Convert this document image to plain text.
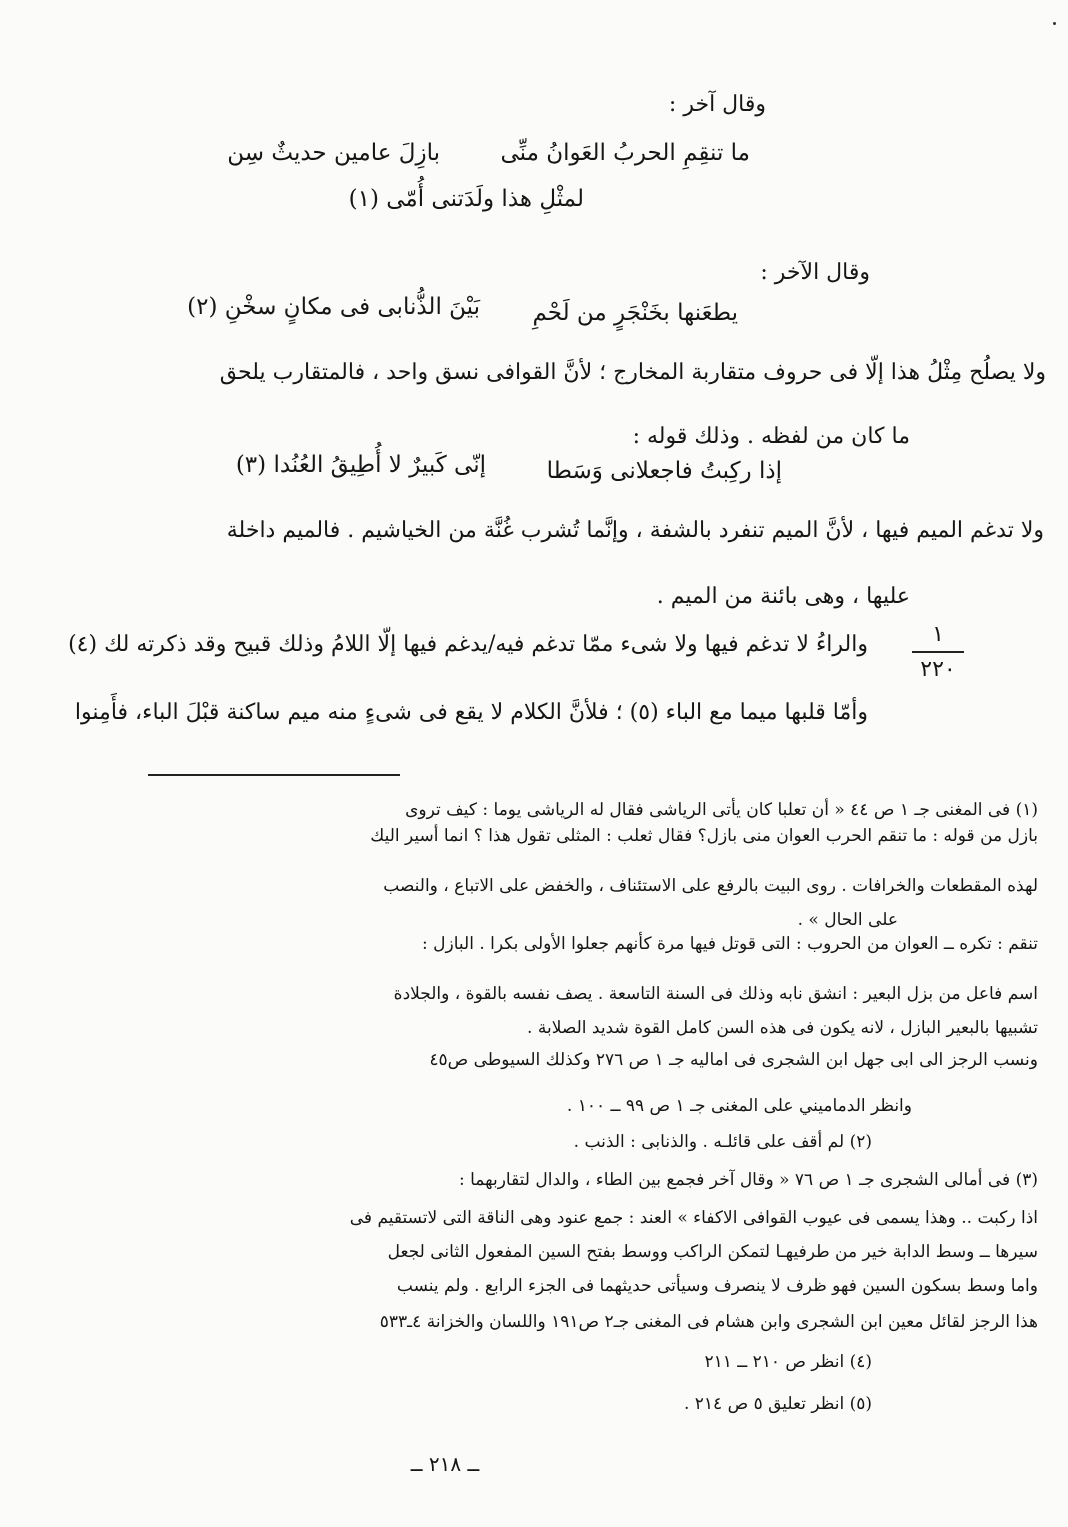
وقال آخر :
ما تنقِمِ الحربُ العَوانُ منِّى
بازِلَ عامين حديثٌ سِن
لمثْلِ هذا ولَدَتنى أُمّى (١)
وقال الآخر :
يطعَنها بخَنْجَرٍ من لَحْمِ
بَيْنَ الذُّنابى فى مكانٍ سخْنِ (٢)
ولا يصلُح مِثْلُ هذا إلّا فى حروف متقاربة المخارج ؛ لأنَّ القوافى نسق واحد ، فالمتقارب يلحق
ما كان من لفظه . وذلك قوله :
إذا ركِبتُ فاجعلانى وَسَطا
إنّى كَبيرٌ لا أُطِيقُ العُنُدا (٣)
ولا تدغم الميم فيها ، لأنَّ الميم تنفرد بالشفة ، وإنَّما تُشرب غُنَّة من الخياشيم . فالميم داخلة
عليها ، وهى بائنة من الميم .
والراءُ لا تدغم فيها ولا شىء ممّا تدغم فيه/يدغم فيها إلّا اللامُ وذلك قبيح وقد ذكرته لك (٤)
وأمّا قلبها ميما مع الباء (٥) ؛ فلأنَّ الكلام لا يقع فى شىءٍ منه ميم ساكنة قبْلَ الباء، فأَمِنوا
١
٢٢٠
(١) فى المغنى جـ ١ ص ٤٤ « أن تعلبا كان يأتى الرياشى فقال له الرياشى يوما : كيف تروى
بازل من قوله : ما تنقم الحرب العوان منى بازل؟ فقال ثعلب : المثلى تقول هذا ؟ انما أسير اليك
لهذه المقطعات والخرافات . روى البيت بالرفع على الاستئناف ، والخفض على الاتباع ، والنصب
على الحال » .
تنقم : تكره ــ العوان من الحروب : التى قوتل فيها مرة كأنهم جعلوا الأولى بكرا . البازل :
اسم فاعل من بزل البعير : انشق نابه وذلك فى السنة التاسعة . يصف نفسه بالقوة ، والجلادة
تشبيها بالبعير البازل ، لانه يكون فى هذه السن كامل القوة شديد الصلابة .
ونسب الرجز الى ابى جهل ابن الشجرى فى اماليه جـ ١ ص ٢٧٦ وكذلك السيوطى ص٤٥
وانظر الدماميني على المغنى جـ ١ ص ٩٩ ــ ١٠٠ .
(٢) لم أقف على قائلـه . والذنابى : الذنب .
(٣) فى أمالى الشجرى جـ ١ ص ٧٦ « وقال آخر فجمع بين الطاء ، والدال لتقاربهما :
اذا ركبت .. وهذا يسمى فى عيوب القوافى الاكفاء » العند : جمع عنود وهى الناقة التى لاتستقيم فى
سيرها ــ وسط الدابة خير من طرفيهـا لتمكن الراكب ووسط بفتح السين المفعول الثانى لجعل
واما وسط بسكون السين فهو ظرف لا ينصرف وسيأتى حديثهما فى الجزء الرابع . ولم ينسب
هذا الرجز لقائل معين ابن الشجرى وابن هشام فى المغنى جـ٢ ص١٩١ واللسان والخزانة ٤ـ٥٣٣
(٤) انظر ص ٢١٠ ــ ٢١١
(٥) انظر تعليق ٥ ص ٢١٤ .
ــ ٢١٨ ــ
